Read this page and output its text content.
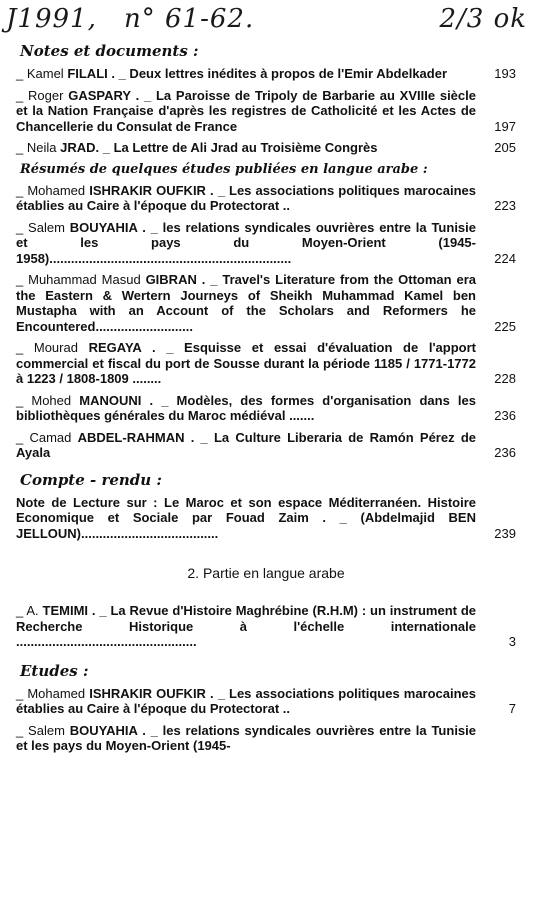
J1991, n° 61-62.	2/3 ok
Notes et documents :
_ Kamel FILALI . _ Deux lettres inédites à propos de l'Emir Abdelkader	193
_ Roger GASPARY . _ La Paroisse de Tripoly de Barbarie au XVIIIe siècle et la Nation Française d'après les registres de Catholicité et les Actes de Chancellerie du Consulat de France	197
_ Neila JRAD. _ La Lettre de Ali Jrad au Troisième Congrès	205
Résumés de quelques études publiées en langue arabe :
_ Mohamed ISHRAKIR OUFKIR . _ Les associations politiques marocaines établies au Caire à l'époque du Protectorat ..	223
_ Salem BOUYAHIA . _ les relations syndicales ouvrières entre la Tunisie et les pays du Moyen-Orient (1945-1958)...................................................................	224
_ Muhammad Masud GIBRAN . _ Travel's Literature from the Ottoman era the Eastern & Wertern Journeys of Sheikh Muhammad Kamel ben Mustapha with an Account of the Scholars and Reformers he Encountered...........................	225
_ Mourad REGAYA . _ Esquisse et essai d'évaluation de l'apport commercial et fiscal du port de Sousse durant la période 1185 / 1771-1772 à 1223 / 1808-1809 ........	228
_ Mohed MANOUNI . _ Modèles, des formes d'organisation dans les bibliothèques générales du Maroc médiéval .......	236
_ Camad ABDEL-RAHMAN . _ La Culture Liberaria de Ramón Pérez de Ayala	236
Compte - rendu :
Note de Lecture sur : Le Maroc et son espace Méditerranéen. Histoire Economique et Sociale par Fouad Zaim . _ (Abdelmajid BEN JELLOUN)......................................	239
2. Partie en langue arabe
_ A. TEMIMI . _ La Revue d'Histoire Maghrébine (R.H.M) : un instrument de Recherche Historique à l'échelle internationale ..................................................	3
Etudes :
_ Mohamed ISHRAKIR OUFKIR . _ Les associations politiques marocaines établies au Caire à l'époque du Protectorat ..	7
_ Salem BOUYAHIA . _ les relations syndicales ouvrières entre la Tunisie et les pays du Moyen-Orient (1945-
